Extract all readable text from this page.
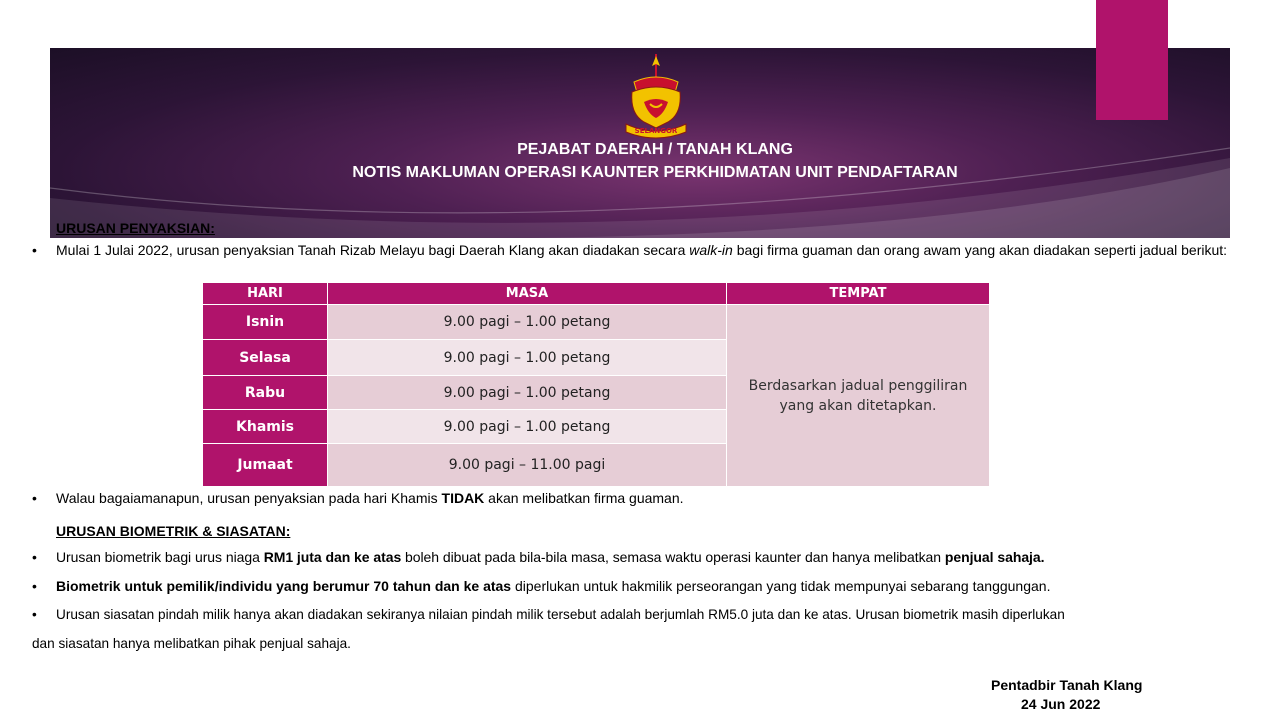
SELANGOR
PEJABAT DAERAH / TANAH KLANG
NOTIS MAKLUMAN OPERASI KAUNTER PERKHIDMATAN UNIT PENDAFTARAN
URUSAN PENYAKSIAN:
• Mulai 1 Julai 2022, urusan penyaksian Tanah Rizab Melayu bagi Daerah Klang akan diadakan secara walk-in bagi firma guaman dan orang awam yang akan diadakan seperti jadual berikut:
HARI	MASA	TEMPAT
Isnin	9.00 pagi – 1.00 petang	Berdasarkan jadual penggiliran
yang akan ditetapkan.
Selasa	9.00 pagi – 1.00 petang	
Rabu	9.00 pagi – 1.00 petang	
Khamis	9.00 pagi – 1.00 petang	
Jumaat	9.00 pagi – 11.00 pagi	
• Walau bagaiamanapun, urusan penyaksian pada hari Khamis TIDAK akan melibatkan firma guaman.
URUSAN BIOMETRIK & SIASATAN:
• Urusan biometrik bagi urus niaga RM1 juta dan ke atas boleh dibuat pada bila-bila masa, semasa waktu operasi kaunter dan hanya melibatkan penjual sahaja.
• Biometrik untuk pemilik/individu yang berumur 70 tahun dan ke atas diperlukan untuk hakmilik perseorangan yang tidak mempunyai sebarang tanggungan.
• Urusan siasatan pindah milik hanya akan diadakan sekiranya nilaian pindah milik tersebut adalah berjumlah RM5.0 juta dan ke atas. Urusan biometrik masih diperlukan
dan siasatan hanya melibatkan pihak penjual sahaja.
Pentadbir Tanah Klang
24 Jun 2022
